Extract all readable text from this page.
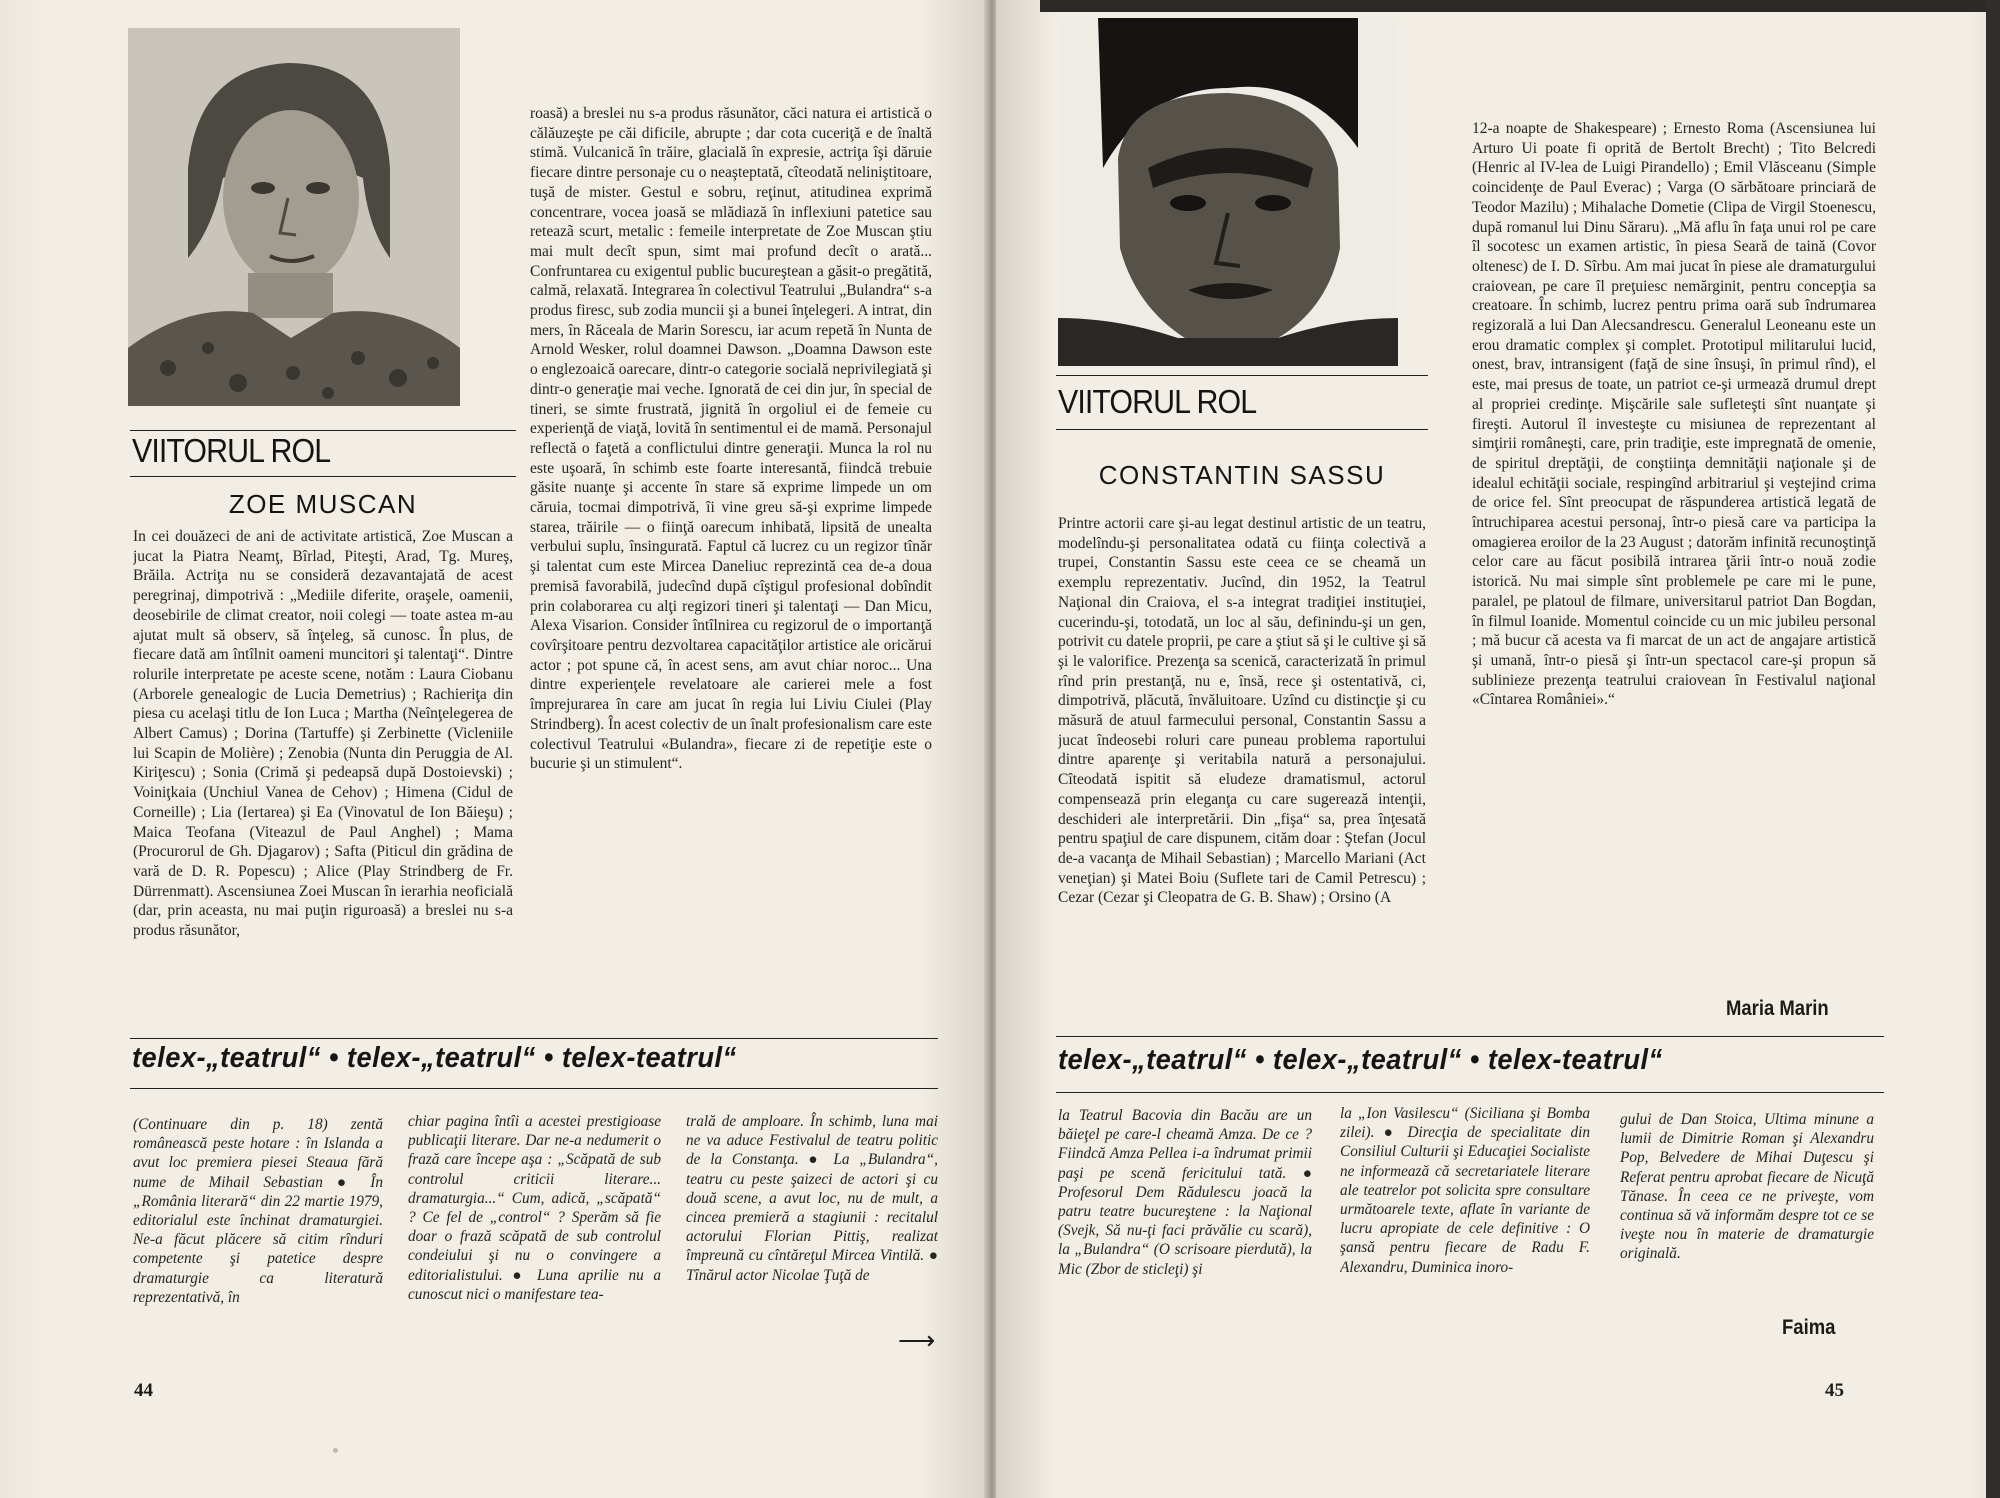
VIITORUL ROL
ZOE MUSCAN
In cei douăzeci de ani de activitate artistică, Zoe Muscan a jucat la Piatra Neamţ, Bîrlad, Piteşti, Arad, Tg. Mureş, Brăila. Actriţa nu se consideră dezavantajată de acest peregrinaj, dimpotrivă : „Mediile diferite, oraşele, oamenii, deosebirile de climat creator, noii colegi — toate astea m-au ajutat mult să observ, să înţeleg, să cunosc. În plus, de fiecare dată am întîlnit oameni muncitori şi talentaţi“. Dintre rolurile interpretate pe aceste scene, notăm : Laura Ciobanu (Arborele genealogic de Lucia Demetrius) ; Rachieriţa din piesa cu acelaşi titlu de Ion Luca ; Martha (Neînţelegerea de Albert Camus) ; Dorina (Tartuffe) şi Zerbinette (Vicleniile lui Scapin de Molière) ; Zenobia (Nunta din Peruggia de Al. Kiriţescu) ; Sonia (Crimă şi pedeapsă după Dostoievski) ; Voiniţkaia (Unchiul Vanea de Cehov) ; Himena (Cidul de Corneille) ; Lia (Iertarea) şi Ea (Vinovatul de Ion Băieşu) ; Maica Teofana (Viteazul de Paul Anghel) ; Mama (Procurorul de Gh. Djagarov) ; Safta (Piticul din grădina de vară de D. R. Popescu) ; Alice (Play Strindberg de Fr. Dürrenmatt). Ascensiunea Zoei Muscan în ierarhia neoficială (dar, prin aceasta, nu mai puţin riguroasă) a breslei nu s-a produs răsunător,
roasă) a breslei nu s-a produs răsunător, căci natura ei artistică o călăuzeşte pe căi dificile, abrupte ; dar cota cuceriţă e de înaltă stimă. Vulcanică în trăire, glacială în expresie, actriţa îşi dăruie fiecare dintre personaje cu o neaşteptată, cîteodată neliniştitoare, tuşă de mister. Gestul e sobru, reţinut, atitudinea exprimă concentrare, vocea joasă se mlădiază în inflexiuni patetice sau reteazã scurt, metalic : femeile interpretate de Zoe Muscan ştiu mai mult decît spun, simt mai profund decît o arată... Confruntarea cu exigentul public bucureştean a găsit-o pregătită, calmă, relaxată. Integrarea în colectivul Teatrului „Bulandra“ s-a produs firesc, sub zodia muncii şi a bunei înţelegeri. A intrat, din mers, în Răceala de Marin Sorescu, iar acum repetă în Nunta de Arnold Wesker, rolul doamnei Dawson. „Doamna Dawson este o englezoaică oarecare, dintr-o categorie socială neprivilegiată şi dintr-o generaţie mai veche. Ignorată de cei din jur, în special de tineri, se simte frustrată, jignită în orgoliul ei de femeie cu experienţă de viaţă, lovită în sentimentul ei de mamă. Personajul reflectă o faţetă a conflictului dintre generaţii. Munca la rol nu este uşoară, în schimb este foarte interesantă, fiindcă trebuie găsite nuanţe şi accente în stare să exprime limpede un om căruia, tocmai dimpotrivă, îi vine greu să-şi exprime limpede starea, trăirile — o fiinţă oarecum inhibată, lipsită de unealta verbului suplu, însingurată. Faptul că lucrez cu un regizor tînăr şi talentat cum este Mircea Daneliuc reprezintă cea de-a doua premisă favorabilă, judecînd după cîştigul profesional dobîndit prin colaborarea cu alţi regizori tineri şi talentaţi — Dan Micu, Alexa Visarion. Consider întîlnirea cu regizorul de o importanţă covîrşitoare pentru dezvoltarea capacităţilor artistice ale oricărui actor ; pot spune că, în acest sens, am avut chiar noroc... Una dintre experienţele revelatoare ale carierei mele a fost împrejurarea în care am jucat în regia lui Liviu Ciulei (Play Strindberg). În acest colectiv de un înalt profesionalism care este colectivul Teatrului «Bulandra», fiecare zi de repetiţie este o bucurie şi un stimulent“.
telex-„teatrul“ • telex-„teatrul“ • telex-teatrul“
(Continuare din p. 18) zentă românească peste hotare : în Islanda a avut loc premiera piesei Steaua fără nume de Mihail Sebastian ● În „România literară“ din 22 martie 1979, editorialul este închinat dramaturgiei. Ne-a făcut plăcere să citim rînduri competente şi patetice despre dramaturgie ca literatură reprezentativă, în
chiar pagina întîi a acestei prestigioase publicaţii literare. Dar ne-a nedumerit o frază care începe aşa : „Scăpată de sub controlul criticii literare... dramaturgia...“ Cum, adică, „scăpată“ ? Ce fel de „control“ ? Sperăm să fie doar o frază scăpată de sub controlul condeiului şi nu o convingere a editorialistului. ● Luna aprilie nu a cunoscut nici o manifestare tea-
trală de amploare. În schimb, luna mai ne va aduce Festivalul de teatru politic de la Constanţa. ● La „Bulandra“, teatru cu peste şaizeci de actori şi cu două scene, a avut loc, nu de mult, a cincea premieră a stagiunii : recitalul actorului Florian Pittiş, realizat împreună cu cîntăreţul Mircea Vintilă. ● Tînărul actor Nicolae Ţuţă de
⟶
44
VIITORUL ROL
CONSTANTIN SASSU
Printre actorii care şi-au legat destinul artistic de un teatru, modelîndu-şi personalitatea odată cu fiinţa colectivă a trupei, Constantin Sassu este ceea ce se cheamă un exemplu reprezentativ. Jucînd, din 1952, la Teatrul Naţional din Craiova, el s-a integrat tradiţiei instituţiei, cucerindu-şi, totodată, un loc al său, definindu-şi un gen, potrivit cu datele proprii, pe care a ştiut să şi le cultive şi să şi le valorifice. Prezenţa sa scenică, caracterizată în primul rînd prin prestanţă, nu e, însă, rece şi ostentativă, ci, dimpotrivă, plăcută, învăluitoare. Uzînd cu distincţie şi cu măsură de atuul farmecului personal, Constantin Sassu a jucat îndeosebi roluri care puneau problema raportului dintre aparenţe şi veritabila natură a personajului. Cîteodată ispitit să eludeze dramatismul, actorul compensează prin eleganţa cu care sugerează intenţii, deschideri ale interpretării. Din „fişa“ sa, prea înţesată pentru spaţiul de care dispunem, cităm doar : Ştefan (Jocul de-a vacanţa de Mihail Sebastian) ; Marcello Mariani (Act veneţian) şi Matei Boiu (Suflete tari de Camil Petrescu) ; Cezar (Cezar şi Cleopatra de G. B. Shaw) ; Orsino (A
12-a noapte de Shakespeare) ; Ernesto Roma (Ascensiunea lui Arturo Ui poate fi oprită de Bertolt Brecht) ; Tito Belcredi (Henric al IV-lea de Luigi Pirandello) ; Emil Vlăsceanu (Simple coincidenţe de Paul Everac) ; Varga (O sărbătoare princiară de Teodor Mazilu) ; Mihalache Dometie (Clipa de Virgil Stoenescu, după romanul lui Dinu Săraru). „Mă aflu în faţa unui rol pe care îl socotesc un examen artistic, în piesa Seară de taină (Covor oltenesc) de I. D. Sîrbu. Am mai jucat în piese ale dramaturgului craiovean, pe care îl preţuiesc nemărginit, pentru concepţia sa creatoare. În schimb, lucrez pentru prima oară sub îndrumarea regizorală a lui Dan Alecsandrescu. Generalul Leoneanu este un erou dramatic complex şi complet. Prototipul militarului lucid, onest, brav, intransigent (faţă de sine însuşi, în primul rînd), el este, mai presus de toate, un patriot ce-şi urmează drumul drept al propriei credinţe. Mişcările sale sufleteşti sînt nuanţate şi fireşti. Autorul îl investeşte cu misiunea de reprezentant al simţirii româneşti, care, prin tradiţie, este impregnată de omenie, de spiritul dreptăţii, de conştiinţa demnităţii naţionale şi de idealul echităţii sociale, respingînd arbitrariul şi veştejind crima de orice fel. Sînt preocupat de răspunderea artistică legată de întruchiparea acestui personaj, într-o piesă care va participa la omagierea eroilor de la 23 August ; datorăm infinită recunoştinţă celor care au făcut posibilă intrarea ţării într-o nouă zodie istorică. Nu mai simple sînt problemele pe care mi le pune, paralel, pe platoul de filmare, universitarul patriot Dan Bogdan, în filmul Ioanide. Momentul coincide cu un mic jubileu personal ; mă bucur că acesta va fi marcat de un act de angajare artistică şi umană, într-o piesă şi într-un spectacol care-şi propun să sublinieze prezenţa teatrului craiovean în Festivalul naţional «Cîntarea României».“
Maria Marin
telex-„teatrul“ • telex-„teatrul“ • telex-teatrul“
la Teatrul Bacovia din Bacău are un băieţel pe care-l cheamă Amza. De ce ? Fiindcă Amza Pellea i-a îndrumat primii paşi pe scenă fericitului tată. ● Profesorul Dem Rădulescu joacă la patru teatre bucureştene : la Naţional (Svejk, Să nu-ţi faci prăvălie cu scară), la „Bulandra“ (O scrisoare pierdută), la Mic (Zbor de sticleţi) şi
la „Ion Vasilescu“ (Siciliana şi Bomba zilei). ● Direcţia de specialitate din Consiliul Culturii şi Educaţiei Socialiste ne informează că secretariatele literare ale teatrelor pot solicita spre consultare următoarele texte, aflate în variante de lucru apropiate de cele definitive : O şansă pentru fiecare de Radu F. Alexandru, Duminica inoro-
gului de Dan Stoica, Ultima minune a lumii de Dimitrie Roman şi Alexandru Pop, Belvedere de Mihai Duţescu şi Referat pentru aprobat fiecare de Nicuţă Tănase. În ceea ce ne priveşte, vom continua să vă informăm despre tot ce se iveşte nou în materie de dramaturgie originală.
Faima
45
